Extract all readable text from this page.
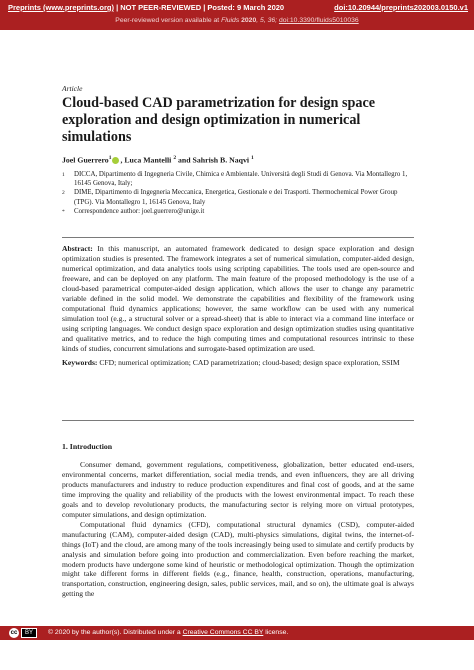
Preprints (www.preprints.org) | NOT PEER-REVIEWED | Posted: 9 March 2020	doi:10.20944/preprints202003.0150.v1
Peer-reviewed version available at Fluids 2020, 5, 36; doi:10.3390/fluids5010036
Article
Cloud-based CAD parametrization for design space exploration and design optimization in numerical simulations
Joel Guerrero$^1$ , Luca Mantelli $^2$ and Sahrish B. Naqvi $^1$
1	DICCA, Dipartimento di Ingegneria Civile, Chimica e Ambientale. Università degli Studi di Genova. Via Montallegro 1, 16145 Genova, Italy;
2	DIME, Dipartimento di Ingegneria Meccanica, Energetica, Gestionale e dei Trasporti. Thermochemical Power Group (TPG). Via Montallegro 1, 16145 Genova, Italy
*	Correspondence author: joel.guerrero@unige.it

Abstract: In this manuscript, an automated framework dedicated to design space exploration and design optimization studies is presented. The framework integrates a set of numerical simulation, computer-aided design, numerical optimization, and data analytics tools using scripting capabilities. The tools used are open-source and freeware, and can be deployed on any platform. The main feature of the proposed methodology is the use of a cloud-based parametrical computer-aided design application, which allows the user to change any parametric variable defined in the solid model. We demonstrate the capabilities and flexibility of the framework using computational fluid dynamics applications; however, the same workflow can be used with any numerical simulation tool (e.g., a structural solver or a spread-sheet) that is able to interact via a command line interface or using scripting languages. We conduct design space exploration and design optimization studies using quantitative and qualitative metrics, and to reduce the high computing times and computational resources intrinsic to these kinds of studies, concurrent simulations and surrogate-based optimization are used.

Keywords: CFD; numerical optimization; CAD parametrization; cloud-based; design space exploration, SSIM

1. Introduction

Consumer demand, government regulations, competitiveness, globalization, better educated end-users, environmental concerns, market differentiation, social media trends, and even influencers, they are all driving products manufacturers and industry to reduce production expenditures and final cost of goods, and at the same time improving the quality and reliability of the products with the lowest environmental impact. To reach these goals and to develop revolutionary products, the manufacturing sector is relying more on virtual prototypes, computer simulations, and design optimization.

Computational fluid dynamics (CFD), computational structural dynamics (CSD), computer-aided manufacturing (CAM), computer-aided design (CAD), multi-physics simulations, digital twins, the internet-of-things (IoT) and the cloud, are among many of the tools increasingly being used to simulate and certify products by analysis and simulation before going into production and commercialization. Even before reaching the market, modern products have undergone some kind of heuristic or methodological optimization. Though the optimization might take different forms in different fields (e.g., finance, health, construction, operations, manufacturing, transportation, construction, engineering design, sales, public services, mail, and so on), the ultimate goal is always getting the

cc	BY	© 2020 by the author(s). Distributed under a Creative Commons CC BY license.
